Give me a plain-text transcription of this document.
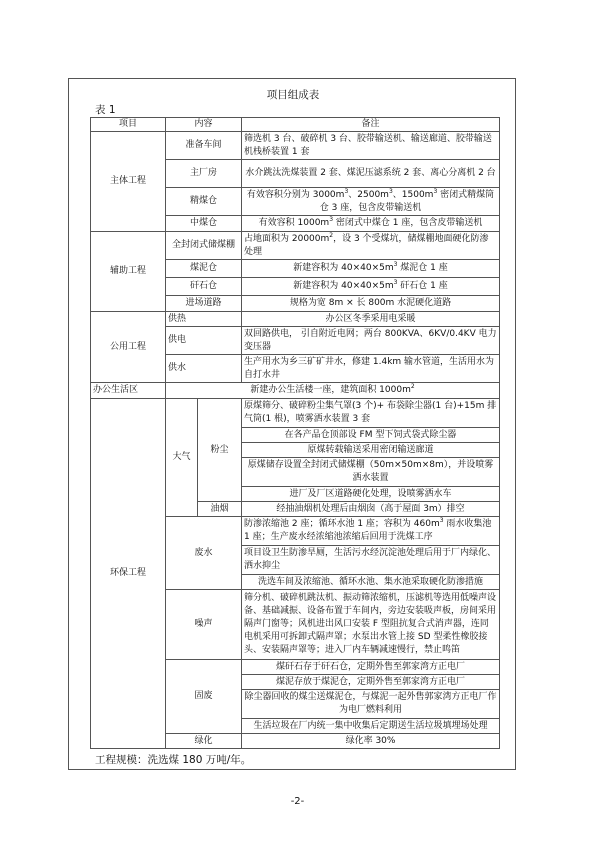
项目组成表
表 1
项目	内容		备注
主体工程	准备车间		筛选机 3 台、破碎机 3 台、胶带输送机、输送廊道、胶带输送机栈桥装置 1 套
	主厂房		水介跳汰洗煤装置 2 套、煤泥压滤系统 2 套、离心分离机 2 台
	精煤仓		有效容积分别为 $3000m^3$、$2500m^3$、$1500m^3$ 密闭式精煤筒仓 3 座，包含皮带输送机
	中煤仓		有效容积 $1000m^3$ 密闭式中煤仓 1 座，包含皮带输送机
辅助工程	全封闭式储煤棚		占地面积为 $20000m^2$，设 3 个受煤坑，储煤棚地面硬化防渗处理
	煤泥仓		新建容积为 $40\times 40\times 5m^3$ 煤泥仓 1 座
	矸石仓		新建容积为 $40\times 40\times 5m^3$ 矸石仓 1 座
	进场道路		规格为宽 8m × 长 800m 水泥硬化道路
公用工程	供热		办公区冬季采用电采暖
	供电		双回路供电， 引自附近电网；两台 800KVA、6KV/0.4KV 电力变压器
	供水		生产用水为乡三矿矿井水，修建 1.4km 输水管道，生活用水为自打水井
办公生活区	新建办公生活楼一座，建筑面积 $1000m^2$
环保工程	大气	粉尘	原煤筛分、破碎粉尘集气罩(3 个)+ 布袋除尘器(1 台)+15m 排气筒(1 根)，喷雾洒水装置 3 套
			在各产品仓顶部设 FM 型下饲式袋式除尘器
			原煤转载输送采用密闭输送廊道
			原煤储存设置全封闭式储煤棚（50m×50m×8m），并设喷雾洒水装置
			进厂及厂区道路硬化处理，设喷雾洒水车
		油烟	经抽油烟机处理后由烟囱（高于屋面 3m）排空
	废水		防渗浓缩池 2 座；循环水池 1 座；容积为 $460m^3$ 雨水收集池 1 座；生产废水经浓缩池浓缩后回用于洗煤工序
			项目设卫生防渗旱厕，生活污水经沉淀池处理后用于厂内绿化、洒水抑尘
			洗选车间及浓缩池、循环水池、集水池采取硬化防渗措施
	噪声		筛分机、破碎机跳汰机、振动筛浓缩机，压滤机等选用低噪声设备、基础减振、设备布置于车间内，旁边安装吸声板，房间采用隔声门窗等；风机进出风口安装 F 型阻抗复合式消声器，连同电机采用可拆卸式隔声罩；水泵出水管上接 SD 型柔性橡胶接头、安装隔声罩等；进入厂内车辆减速慢行，禁止鸣笛
	固废		煤矸石存于矸石仓，定期外售至郭家湾方正电厂
			煤泥存放于煤泥仓，定期外售至郭家湾方正电厂
			除尘器回收的煤尘送煤泥仓，与煤泥一起外售郭家湾方正电厂作为电厂燃料利用
			生活垃圾在厂内统一集中收集后定期送生活垃圾填埋场处理
	绿化		绿化率 30%
工程规模：洗选煤 180 万吨/年。
-2-
